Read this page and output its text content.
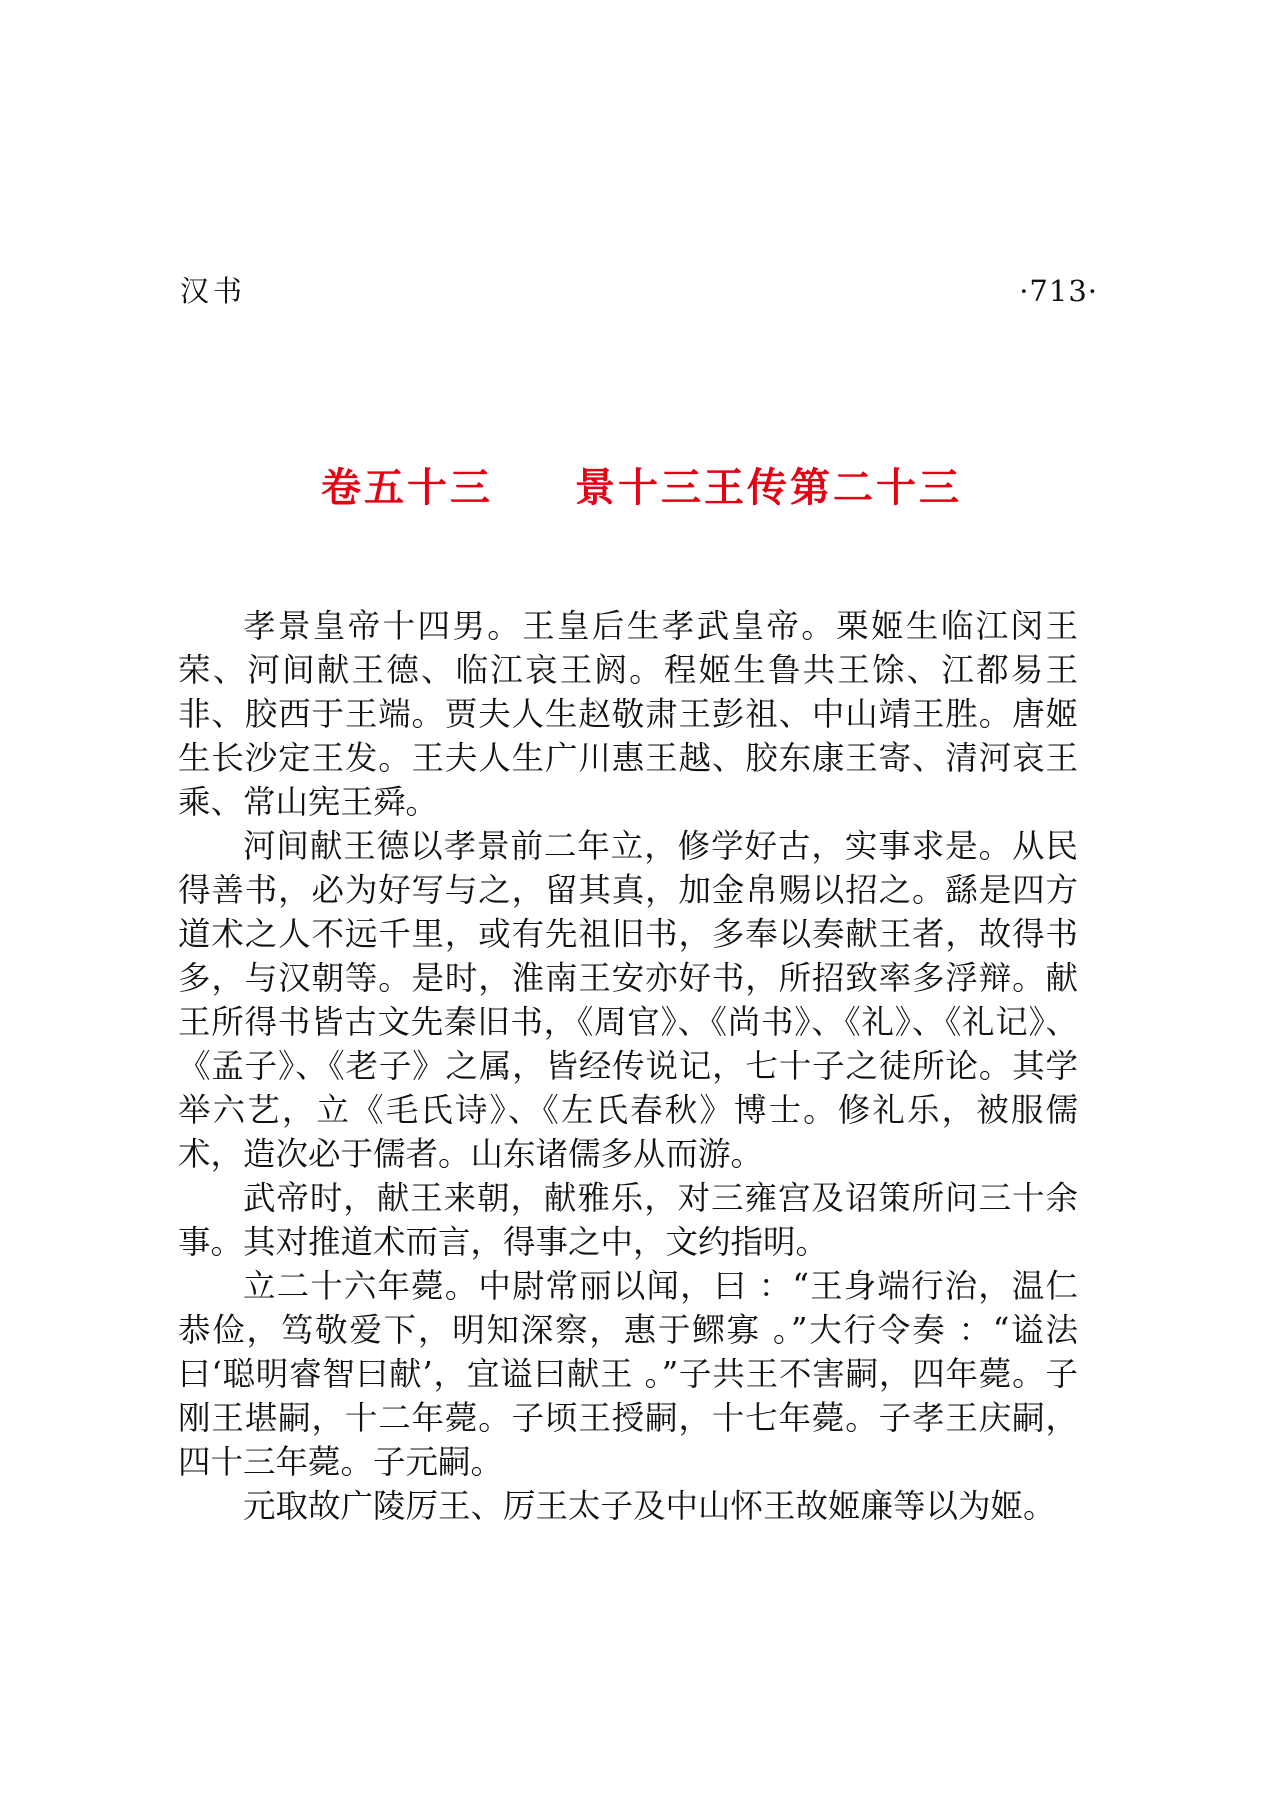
汉书	·713·
卷五十三 景十三王传第二十三

孝景皇帝十四男。王皇后生孝武皇帝。栗姬生临江闵王荣、河间献王德、临江哀王阏。程姬生鲁共王馀、江都易王非、胶西于王端。贾夫人生赵敬肃王彭祖、中山靖王胜。唐姬生长沙定王发。王夫人生广川惠王越、胶东康王寄、清河哀王乘、常山宪王舜。

河间献王德以孝景前二年立，修学好古，实事求是。从民得善书，必为好写与之，留其真，加金帛赐以招之。繇是四方道术之人不远千里，或有先祖旧书，多奉以奏献王者，故得书多，与汉朝等。是时，淮南王安亦好书，所招致率多浮辩。献王所得书皆古文先秦旧书，《周官》、《尚书》、《礼》、《礼记》、《孟子》、《老子》之属，皆经传说记，七十子之徒所论。其学举六艺，立《毛氏诗》、《左氏春秋》博士。修礼乐，被服儒术，造次必于儒者。山东诸儒多从而游。

武帝时，献王来朝，献雅乐，对三雍宫及诏策所问三十余事。其对推道术而言，得事之中，文约指明。

立二十六年薨。中尉常丽以闻，曰 ：“王身端行治，温仁恭俭，笃敬爱下，明知深察，惠于鳏寡 。”大行令奏 ：“谥法曰‘聪明睿智曰献’，宜谥曰献王 。”子共王不害嗣，四年薨。子刚王堪嗣，十二年薨。子顷王授嗣，十七年薨。子孝王庆嗣，四十三年薨。子元嗣。

元取故广陵厉王、厉王太子及中山怀王故姬廉等以为姬。
